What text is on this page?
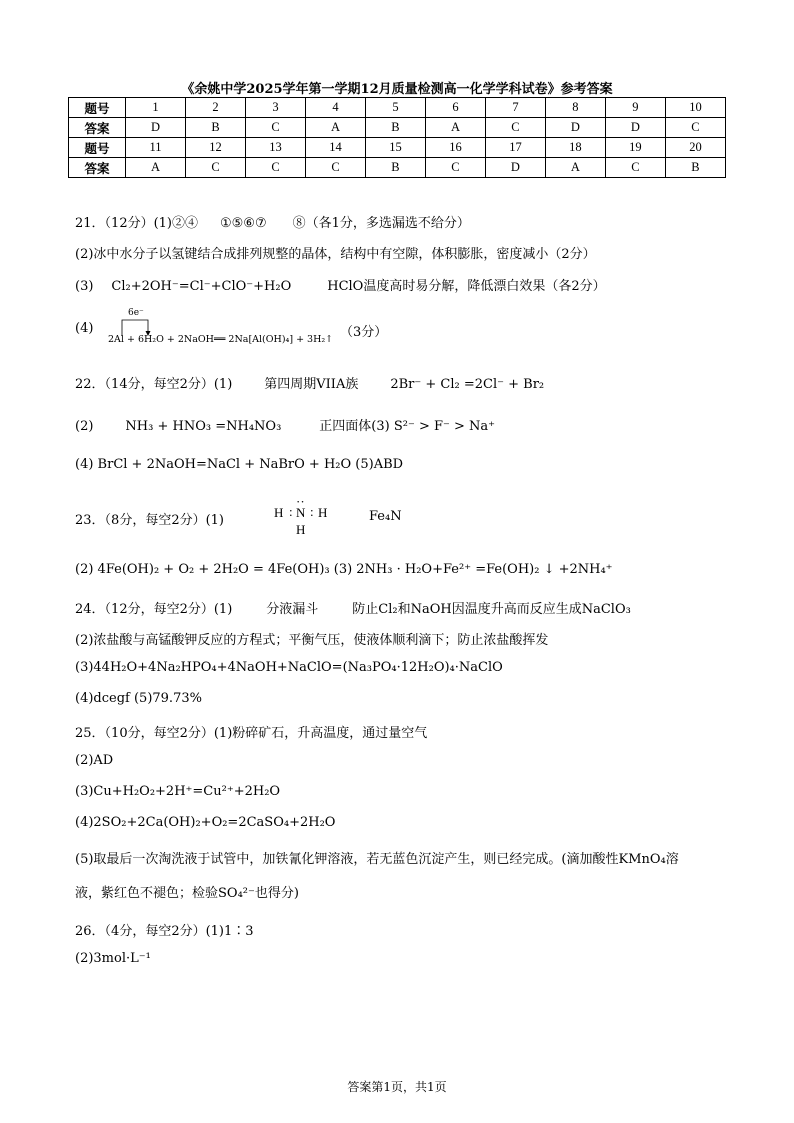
《余姚中学2025学年第一学期12月质量检测高一化学学科试卷》参考答案
题号	1	2	3	4	5	6	7	8	9	10
答案	D	B	C	A	B	A	C	D	D	C
题号	11	12	13	14	15	16	17	18	19	20
答案	A	C	C	C	B	C	D	A	C	B
21．（12分）(1)②④ ①⑤⑥⑦ ⑧（各1分，多选漏选不给分）
(2)冰中水分子以氢键结合成排列规整的晶体，结构中有空隙，体积膨胀，密度减小（2分）
(3) Cl₂+2OH⁻=Cl⁻+ClO⁻+H₂O	HClO温度高时易分解，降低漂白效果（各2分）
(4)
6e⁻
2Al + 6H₂O + 2NaOH══ 2Na[Al(OH)₄] + 3H₂↑ （3分）
22．（14分，每空2分）(1) 第四周期VIIA族 2Br⁻ + Cl₂ =2Cl⁻ + Br₂
(2) NH₃ + HNO₃ =NH₄NO₃	正四面体(3) S²⁻ > F⁻ > Na⁺
(4) BrCl + 2NaOH=NaCl + NaBrO + H₂O (5)ABD
23．（8分，每空2分）(1)
··
H : N : H
H
Fe₄N
(2) 4Fe(OH)₂ + O₂ + 2H₂O = 4Fe(OH)₃ (3) 2NH₃ · H₂O+Fe²⁺ =Fe(OH)₂ ↓ +2NH₄⁺
24．（12分，每空2分）(1)	分液漏斗	防止Cl₂和NaOH因温度升高而反应生成NaClO₃
(2)浓盐酸与高锰酸钾反应的方程式；平衡气压，使液体顺利滴下；防止浓盐酸挥发
(3)44H₂O+4Na₂HPO₄+4NaOH+NaClO=(Na₃PO₄·12H₂O)₄·NaClO
(4)dcegf (5)79.73%
25．（10分，每空2分）(1)粉碎矿石，升高温度，通过量空气
(2)AD
(3)Cu+H₂O₂+2H⁺=Cu²⁺+2H₂O
(4)2SO₂+2Ca(OH)₂+O₂=2CaSO₄+2H₂O
(5)取最后一次淘洗液于试管中，加铁氰化钾溶液，若无蓝色沉淀产生，则已经完成。(滴加酸性KMnO₄溶
液，紫红色不褪色；检验SO₄²⁻也得分)
26．（4分，每空2分）(1)1∶3
(2)3mol·L⁻¹
答案第1页，共1页
